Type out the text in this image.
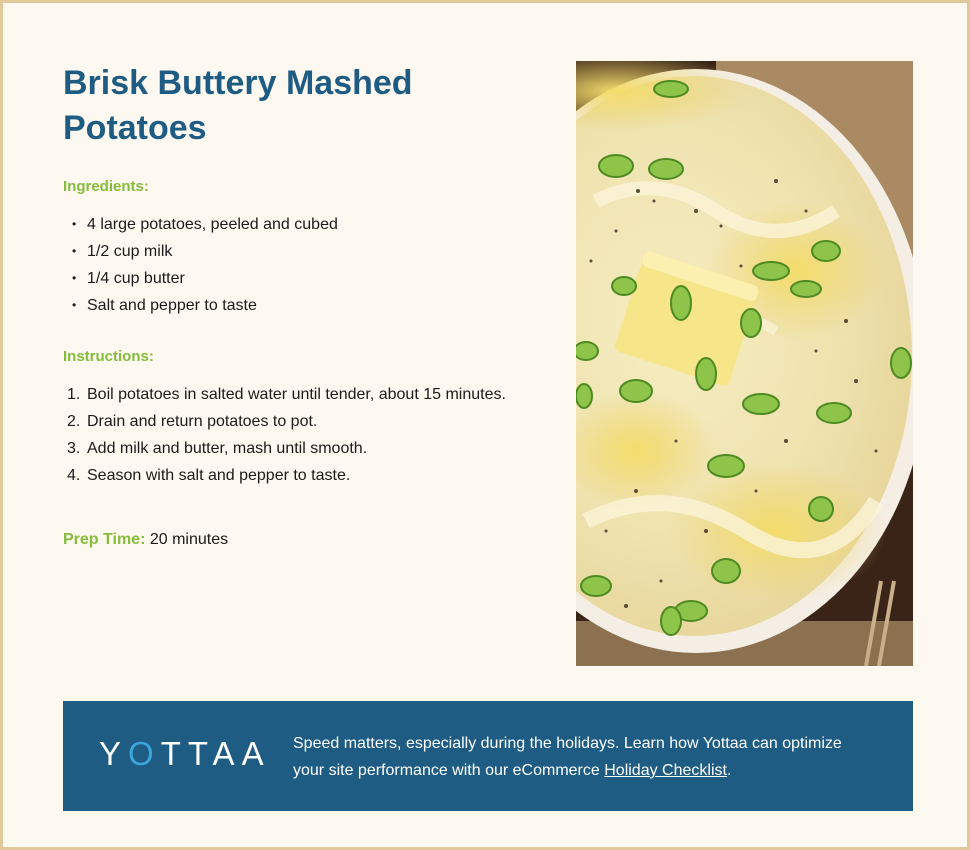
Brisk Buttery Mashed Potatoes

Ingredients:

• 4 large potatoes, peeled and cubed
• 1/2 cup milk
• 1/4 cup butter
• Salt and pepper to taste

Instructions:

1. Boil potatoes in salted water until tender, about 15 minutes.
2. Drain and return potatoes to pot.
3. Add milk and butter, mash until smooth.
4. Season with salt and pepper to taste.

Prep Time: 20 minutes

YOTTAA Speed matters, especially during the holidays. Learn how Yottaa can optimize your site performance with our eCommerce Holiday Checklist.
